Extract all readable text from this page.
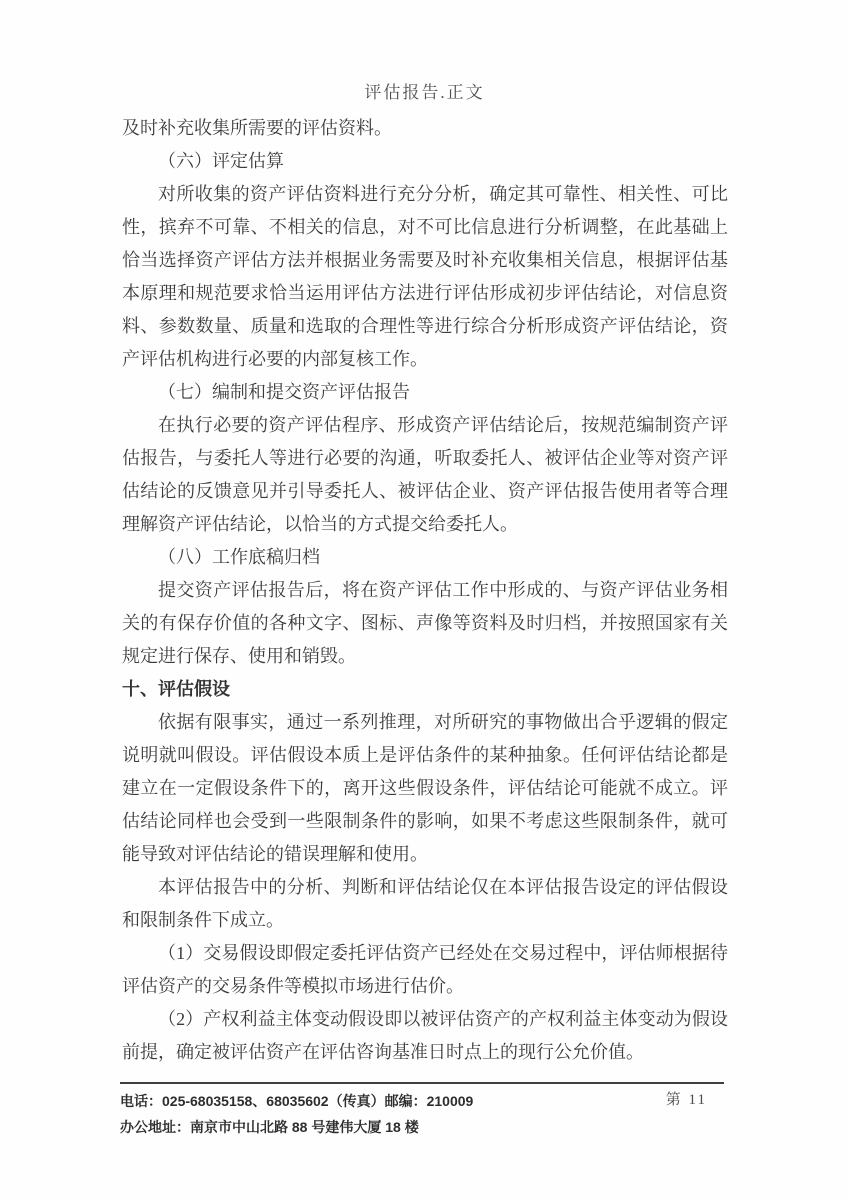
评估报告.正文

及时补充收集所需要的评估资料。

（六）评定估算

对所收集的资产评估资料进行充分分析，确定其可靠性、相关性、可比性，摈弃不可靠、不相关的信息，对不可比信息进行分析调整，在此基础上恰当选择资产评估方法并根据业务需要及时补充收集相关信息，根据评估基本原理和规范要求恰当运用评估方法进行评估形成初步评估结论，对信息资料、参数数量、质量和选取的合理性等进行综合分析形成资产评估结论，资产评估机构进行必要的内部复核工作。

（七）编制和提交资产评估报告

在执行必要的资产评估程序、形成资产评估结论后，按规范编制资产评估报告，与委托人等进行必要的沟通，听取委托人、被评估企业等对资产评估结论的反馈意见并引导委托人、被评估企业、资产评估报告使用者等合理理解资产评估结论，以恰当的方式提交给委托人。

（八）工作底稿归档

提交资产评估报告后，将在资产评估工作中形成的、与资产评估业务相关的有保存价值的各种文字、图标、声像等资料及时归档，并按照国家有关规定进行保存、使用和销毁。

十、评估假设

依据有限事实，通过一系列推理，对所研究的事物做出合乎逻辑的假定说明就叫假设。评估假设本质上是评估条件的某种抽象。任何评估结论都是建立在一定假设条件下的，离开这些假设条件，评估结论可能就不成立。评估结论同样也会受到一些限制条件的影响，如果不考虑这些限制条件，就可能导致对评估结论的错误理解和使用。

本评估报告中的分析、判断和评估结论仅在本评估报告设定的评估假设和限制条件下成立。

（1）交易假设即假定委托评估资产已经处在交易过程中，评估师根据待评估资产的交易条件等模拟市场进行估价。

（2）产权利益主体变动假设即以被评估资产的产权利益主体变动为假设前提，确定被评估资产在评估咨询基准日时点上的现行公允价值。

电话：025-68035158、68035602（传真）邮编：210009

办公地址：南京市中山北路 88 号建伟大厦 18 楼

第 11
